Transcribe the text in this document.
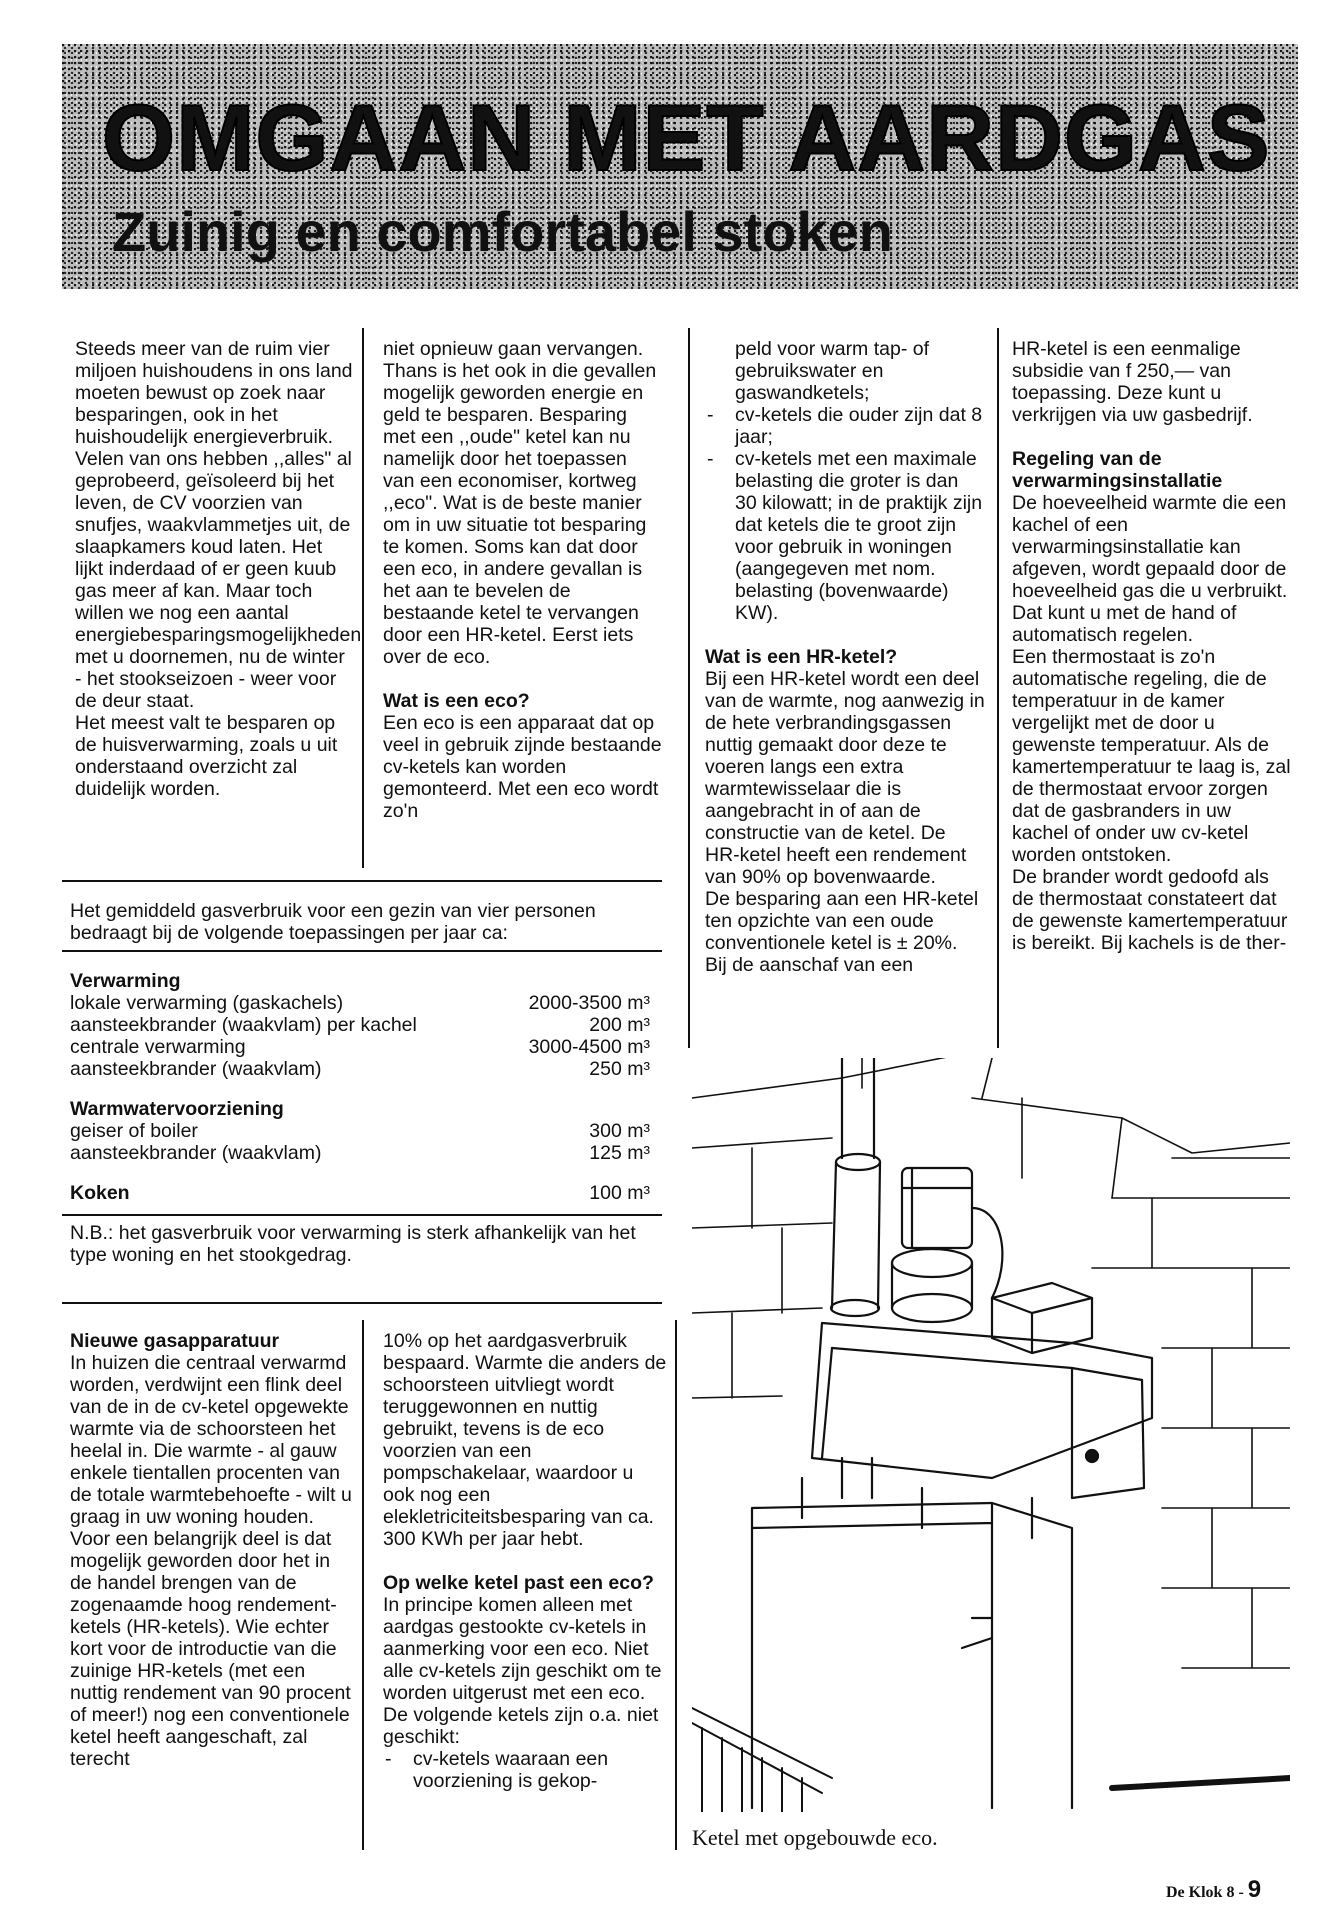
OMGAAN MET AARDGAS
Zuinig en comfortabel stoken

Steeds meer van de ruim vier miljoen huishoudens in ons land moeten bewust op zoek naar besparingen, ook in het huishoudelijk energieverbruik.

Velen van ons hebben ,,alles" al geprobeerd, geïsoleerd bij het leven, de CV voorzien van snufjes, waakvlammetjes uit, de slaapkamers koud laten. Het lijkt inderdaad of er geen kuub gas meer af kan. Maar toch willen we nog een aantal energiebesparingsmogelijkheden met u doornemen, nu de winter - het stookseizoen - weer voor de deur staat.

Het meest valt te besparen op de huisverwarming, zoals u uit onderstaand overzicht zal duidelijk worden.

niet opnieuw gaan vervangen. Thans is het ook in die gevallen mogelijk geworden energie en geld te besparen. Besparing met een ,,oude" ketel kan nu namelijk door het toepassen van een economiser, kortweg ,,eco". Wat is de beste manier om in uw situatie tot besparing te komen. Soms kan dat door een eco, in andere gevallan is het aan te bevelen de bestaande ketel te vervangen door een HR-ketel. Eerst iets over de eco.

Wat is een eco?

Een eco is een apparaat dat op veel in gebruik zijnde bestaande cv-ketels kan worden gemonteerd. Met een eco wordt zo'n

peld voor warm tap- of gebruikswater en gaswandketels;

- cv-ketels die ouder zijn dat 8 jaar;
- cv-ketels met een maximale belasting die groter is dan 30 kilowatt; in de praktijk zijn dat ketels die te groot zijn voor gebruik in woningen (aangegeven met nom. belasting (bovenwaarde) KW).
Wat is een HR-ketel?

Bij een HR-ketel wordt een deel van de warmte, nog aanwezig in de hete verbrandingsgassen nuttig gemaakt door deze te voeren langs een extra warmtewisselaar die is aangebracht in of aan de constructie van de ketel. De HR-ketel heeft een rendement van 90% op bovenwaarde.

De besparing aan een HR-ketel ten opzichte van een oude conventionele ketel is ± 20%.

Bij de aanschaf van een

HR-ketel is een eenmalige subsidie van f 250,— van toepassing. Deze kunt u verkrijgen via uw gasbedrijf.

Regeling van de verwarmingsinstallatie

De hoeveelheid warmte die een kachel of een verwarmingsinstallatie kan afgeven, wordt gepaald door de hoeveelheid gas die u verbruikt. Dat kunt u met de hand of automatisch regelen.

Een thermostaat is zo'n automatische regeling, die de temperatuur in de kamer vergelijkt met de door u gewenste temperatuur. Als de kamertemperatuur te laag is, zal de thermostaat ervoor zorgen dat de gasbranders in uw kachel of onder uw cv-ketel worden ontstoken.

De brander wordt gedoofd als de thermostaat constateert dat de gewenste kamertemperatuur is bereikt. Bij kachels is de ther-

Het gemiddeld gasverbruik voor een gezin van vier personen bedraagt bij de volgende toepassingen per jaar ca:

Verwarming
lokale verwarming (gaskachels)	2000-3500 m³
aansteekbrander (waakvlam) per kachel	200 m³
centrale verwarming	3000-4500 m³
aansteekbrander (waakvlam)	250 m³
Warmwatervoorziening
geiser of boiler	300 m³
aansteekbrander (waakvlam)	125 m³
Koken	100 m³

N.B.: het gasverbruik voor verwarming is sterk afhankelijk van het type woning en het stookgedrag.

Nieuwe gasapparatuur

In huizen die centraal verwarmd worden, verdwijnt een flink deel van de in de cv-ketel opgewekte warmte via de schoorsteen het heelal in. Die warmte - al gauw enkele tientallen procenten van de totale warmtebehoefte - wilt u graag in uw woning houden. Voor een belangrijk deel is dat mogelijk geworden door het in de handel brengen van de zogenaamde hoog rendement-ketels (HR-ketels). Wie echter kort voor de introductie van die zuinige HR-ketels (met een nuttig rendement van 90 procent of meer!) nog een conventionele ketel heeft aangeschaft, zal terecht

10% op het aardgasverbruik bespaard. Warmte die anders de schoorsteen uitvliegt wordt teruggewonnen en nuttig gebruikt, tevens is de eco voorzien van een pompschakelaar, waardoor u ook nog een elekletriciteitsbesparing van ca. 300 KWh per jaar hebt.

Op welke ketel past een eco?

In principe komen alleen met aardgas gestookte cv-ketels in aanmerking voor een eco. Niet alle cv-ketels zijn geschikt om te worden uitgerust met een eco.

De volgende ketels zijn o.a. niet geschikt:

- cv-ketels waaraan een voorziening is gekop-
Ketel met opgebouwde eco.
De Klok 8 - 9
